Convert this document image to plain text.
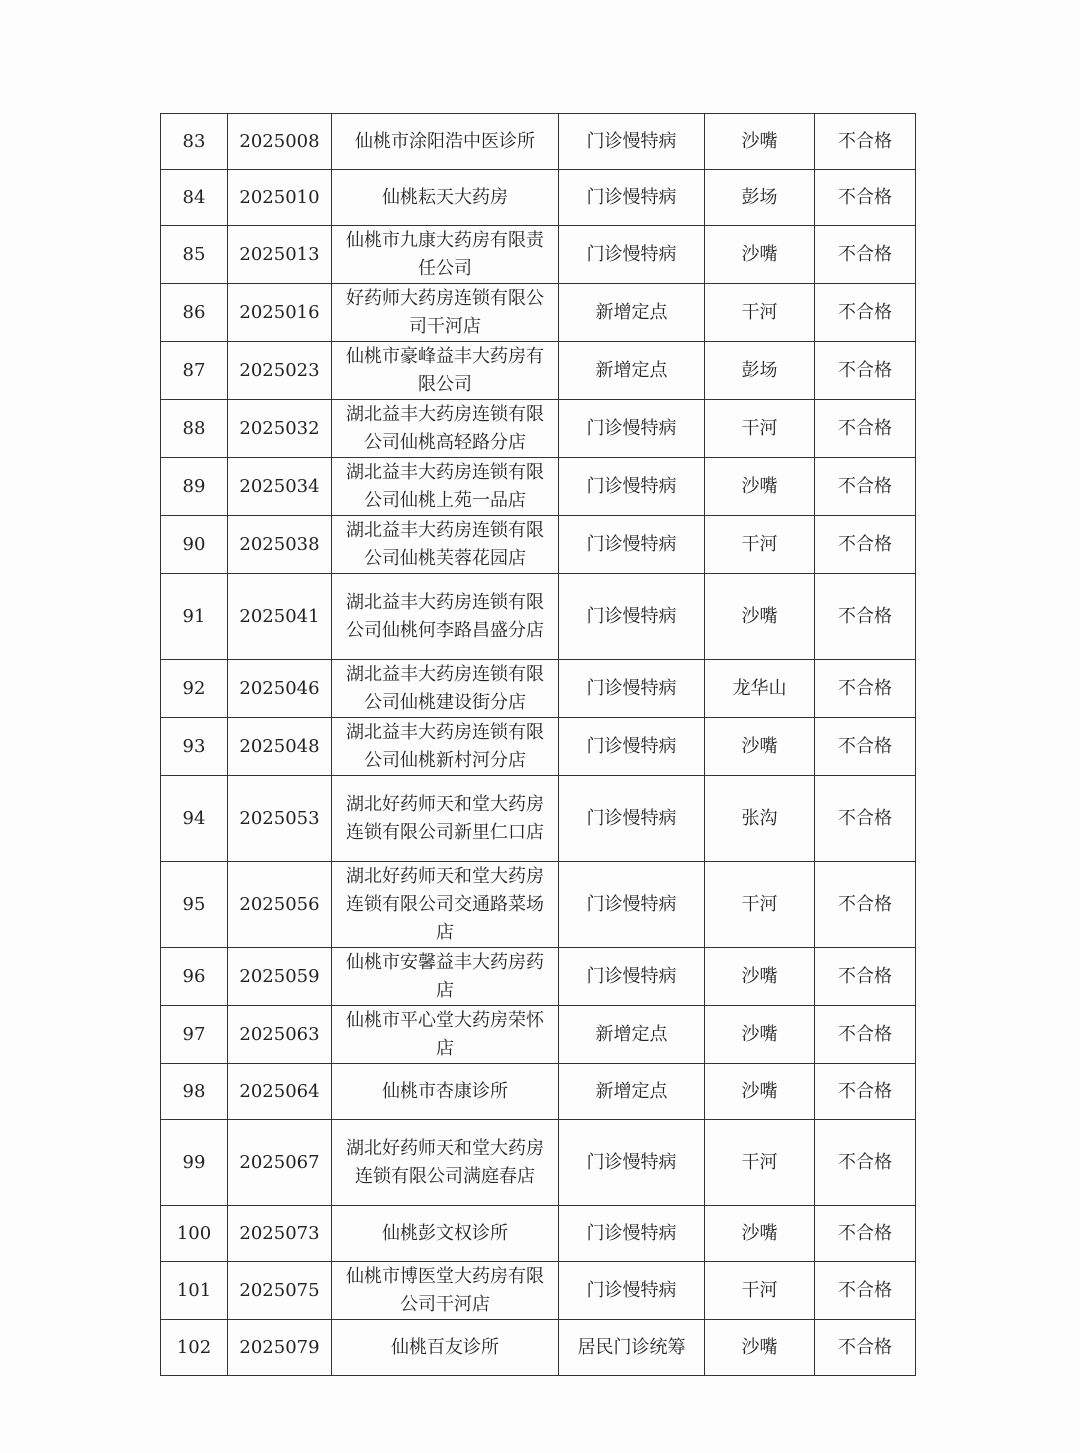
83	2025008	仙桃市涂阳浩中医诊所	门诊慢特病	沙嘴	不合格
84	2025010	仙桃耘天大药房	门诊慢特病	彭场	不合格
85	2025013	仙桃市九康大药房有限责任公司	门诊慢特病	沙嘴	不合格
86	2025016	好药师大药房连锁有限公司干河店	新增定点	干河	不合格
87	2025023	仙桃市豪峰益丰大药房有限公司	新增定点	彭场	不合格
88	2025032	湖北益丰大药房连锁有限公司仙桃高轻路分店	门诊慢特病	干河	不合格
89	2025034	湖北益丰大药房连锁有限公司仙桃上苑一品店	门诊慢特病	沙嘴	不合格
90	2025038	湖北益丰大药房连锁有限公司仙桃芙蓉花园店	门诊慢特病	干河	不合格
91	2025041	湖北益丰大药房连锁有限公司仙桃何李路昌盛分店	门诊慢特病	沙嘴	不合格
92	2025046	湖北益丰大药房连锁有限公司仙桃建设街分店	门诊慢特病	龙华山	不合格
93	2025048	湖北益丰大药房连锁有限公司仙桃新村河分店	门诊慢特病	沙嘴	不合格
94	2025053	湖北好药师天和堂大药房连锁有限公司新里仁口店	门诊慢特病	张沟	不合格
95	2025056	湖北好药师天和堂大药房连锁有限公司交通路菜场店	门诊慢特病	干河	不合格
96	2025059	仙桃市安馨益丰大药房药店	门诊慢特病	沙嘴	不合格
97	2025063	仙桃市平心堂大药房荣怀店	新增定点	沙嘴	不合格
98	2025064	仙桃市杏康诊所	新增定点	沙嘴	不合格
99	2025067	湖北好药师天和堂大药房连锁有限公司满庭春店	门诊慢特病	干河	不合格
100	2025073	仙桃彭文权诊所	门诊慢特病	沙嘴	不合格
101	2025075	仙桃市博医堂大药房有限公司干河店	门诊慢特病	干河	不合格
102	2025079	仙桃百友诊所	居民门诊统筹	沙嘴	不合格
